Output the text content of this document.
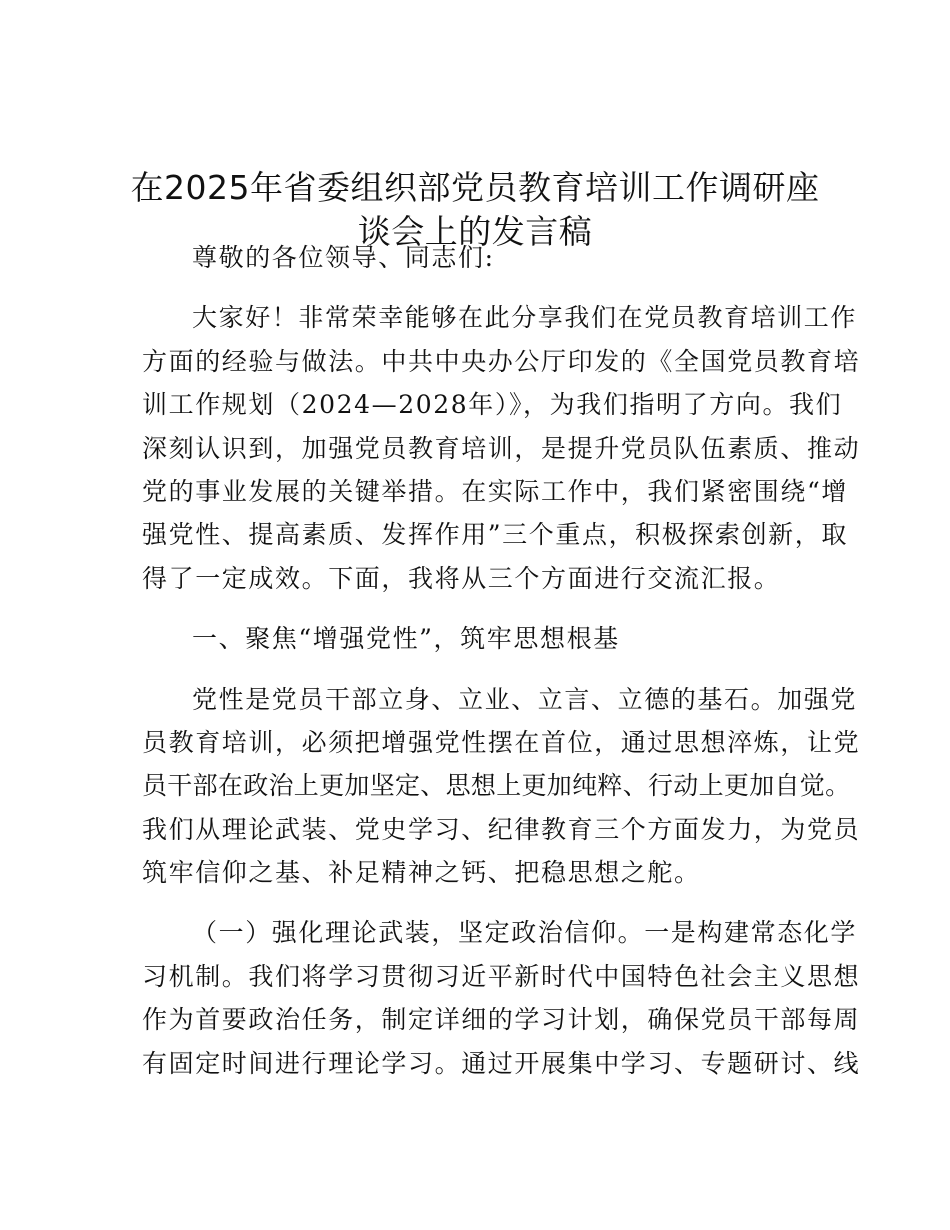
在2025年省委组织部党员教育培训工作调研座
谈会上的发言稿
尊敬的各位领导、同志们:
大家好！非常荣幸能够在此分享我们在党员教育培训工作
方面的经验与做法。中共中央办公厅印发的《全国党员教育培
训工作规划（2024—2028年）》，为我们指明了方向。我们
深刻认识到，加强党员教育培训，是提升党员队伍素质、推动
党的事业发展的关键举措。在实际工作中，我们紧密围绕“增
强党性、提高素质、发挥作用”三个重点，积极探索创新，取
得了一定成效。下面，我将从三个方面进行交流汇报。
一、聚焦“增强党性”，筑牢思想根基
党性是党员干部立身、立业、立言、立德的基石。加强党
员教育培训，必须把增强党性摆在首位，通过思想淬炼，让党
员干部在政治上更加坚定、思想上更加纯粹、行动上更加自觉。
我们从理论武装、党史学习、纪律教育三个方面发力，为党员
筑牢信仰之基、补足精神之钙、把稳思想之舵。
（一）强化理论武装，坚定政治信仰。一是构建常态化学
习机制。我们将学习贯彻习近平新时代中国特色社会主义思想
作为首要政治任务，制定详细的学习计划，确保党员干部每周
有固定时间进行理论学习。通过开展集中学习、专题研讨、线
